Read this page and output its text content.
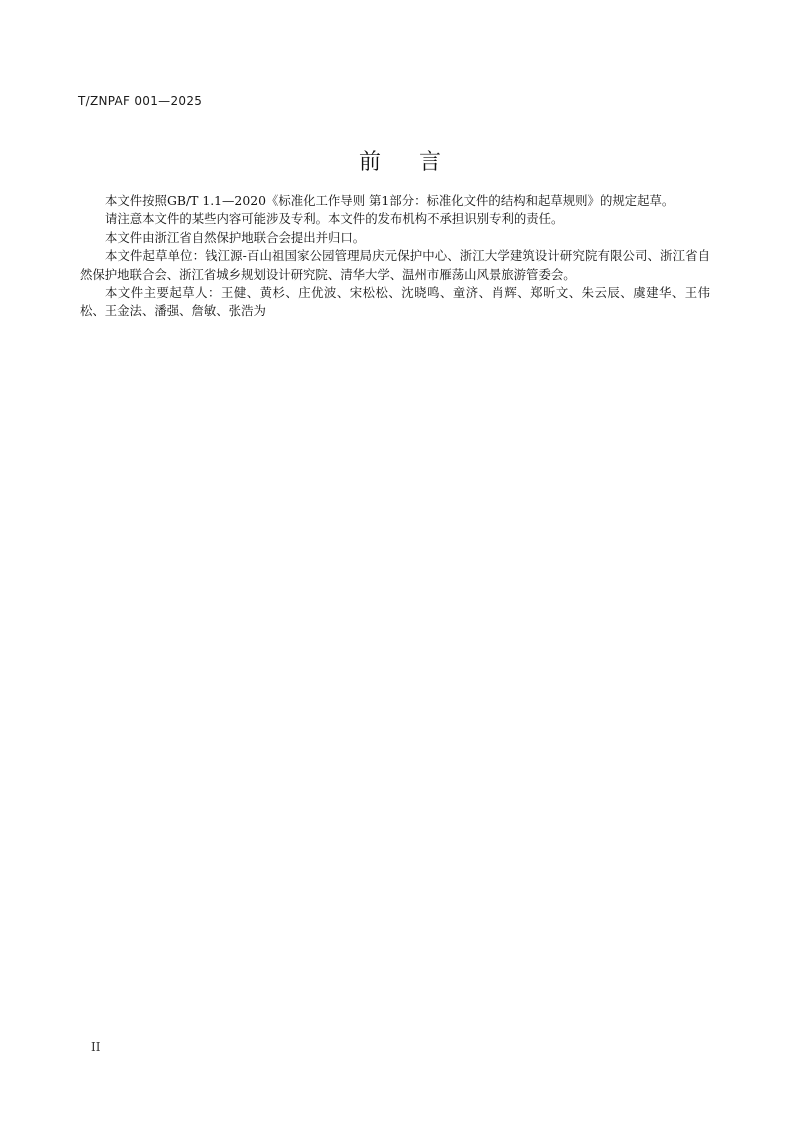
T/ZNPAF 001—2025
前 言

本文件按照GB/T 1.1—2020《标准化工作导则 第1部分：标准化文件的结构和起草规则》的规定起草。

请注意本文件的某些内容可能涉及专利。本文件的发布机构不承担识别专利的责任。

本文件由浙江省自然保护地联合会提出并归口。

本文件起草单位：钱江源-百山祖国家公园管理局庆元保护中心、浙江大学建筑设计研究院有限公司、浙江省自然保护地联合会、浙江省城乡规划设计研究院、清华大学、温州市雁荡山风景旅游管委会。

本文件主要起草人：王健、黄杉、庄优波、宋松松、沈晓鸣、童济、肖辉、郑昕文、朱云辰、虞建华、王伟松、王金法、潘强、詹敏、张浩为

II
